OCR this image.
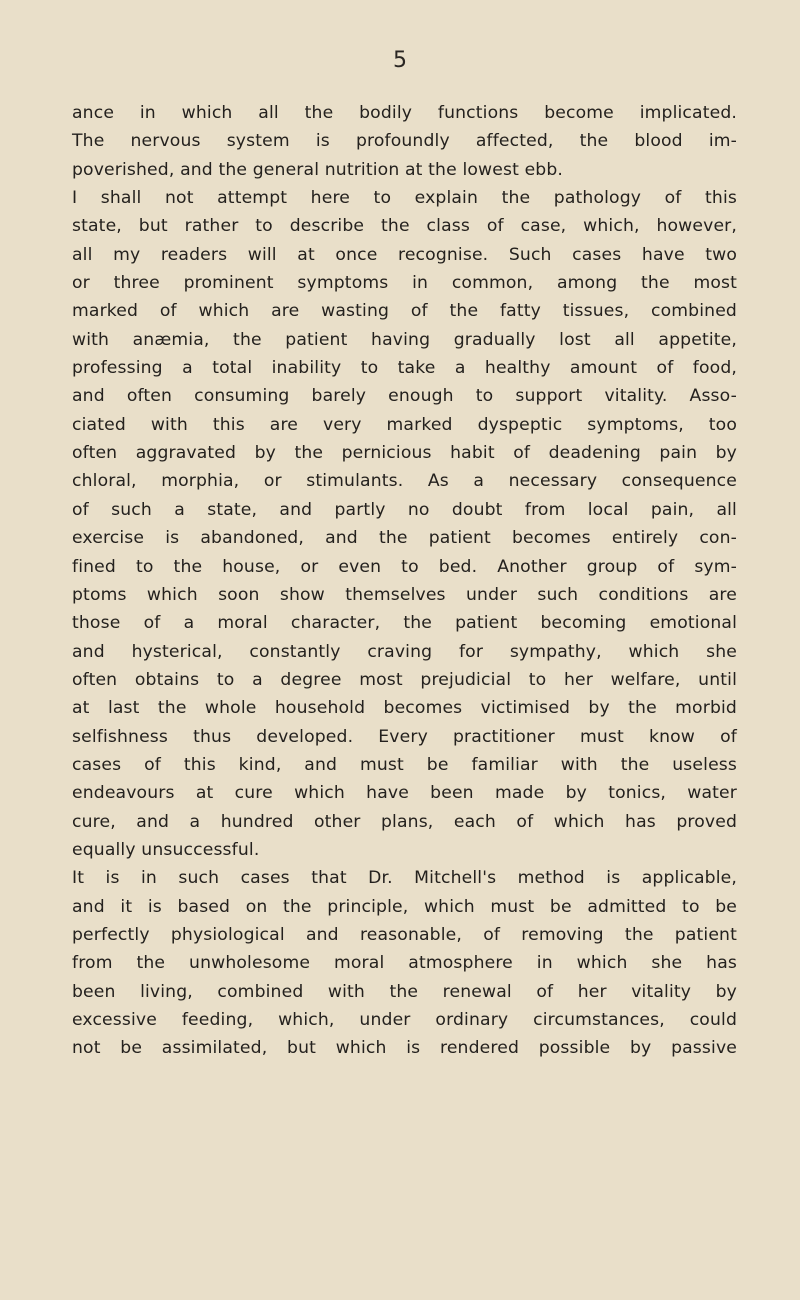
5
ance in which all the bodily functions become implicated.
The nervous system is profoundly affected, the blood im-
poverished, and the general nutrition at the lowest ebb.
I shall not attempt here to explain the pathology of this
state, but rather to describe the class of case, which, however,
all my readers will at once recognise. Such cases have two
or three prominent symptoms in common, among the most
marked of which are wasting of the fatty tissues, combined
with anæmia, the patient having gradually lost all appetite,
professing a total inability to take a healthy amount of food,
and often consuming barely enough to support vitality. Asso-
ciated with this are very marked dyspeptic symptoms, too
often aggravated by the pernicious habit of deadening pain by
chloral, morphia, or stimulants. As a necessary consequence
of such a state, and partly no doubt from local pain, all
exercise is abandoned, and the patient becomes entirely con-
fined to the house, or even to bed. Another group of sym-
ptoms which soon show themselves under such conditions are
those of a moral character, the patient becoming emotional
and hysterical, constantly craving for sympathy, which she
often obtains to a degree most prejudicial to her welfare, until
at last the whole household becomes victimised by the morbid
selfishness thus developed. Every practitioner must know of
cases of this kind, and must be familiar with the useless
endeavours at cure which have been made by tonics, water
cure, and a hundred other plans, each of which has proved
equally unsuccessful.
It is in such cases that Dr. Mitchell's method is applicable,
and it is based on the principle, which must be admitted to be
perfectly physiological and reasonable, of removing the patient
from the unwholesome moral atmosphere in which she has
been living, combined with the renewal of her vitality by
excessive feeding, which, under ordinary circumstances, could
not be assimilated, but which is rendered possible by passive
